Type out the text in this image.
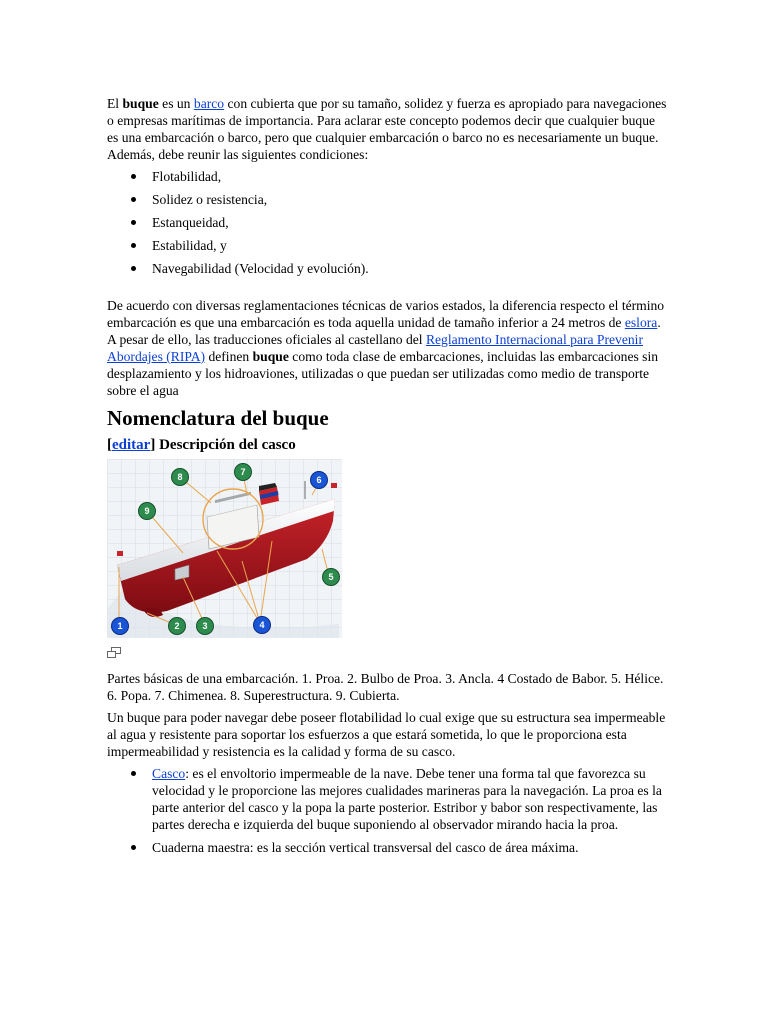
El buque es un barco con cubierta que por su tamaño, solidez y fuerza es apropiado para navegaciones o empresas marítimas de importancia. Para aclarar este concepto podemos decir que cualquier buque es una embarcación o barco, pero que cualquier embarcación o barco no es necesariamente un buque. Además, debe reunir las siguientes condiciones:

Flotabilidad,
Solidez o resistencia,
Estanqueidad,
Estabilidad, y
Navegabilidad (Velocidad y evolución).

De acuerdo con diversas reglamentaciones técnicas de varios estados, la diferencia respecto el término embarcación es que una embarcación es toda aquella unidad de tamaño inferior a 24 metros de eslora. A pesar de ello, las traducciones oficiales al castellano del Reglamento Internacional para Prevenir Abordajes (RIPA) definen buque como toda clase de embarcaciones, incluidas las embarcaciones sin desplazamiento y los hidroaviones, utilizadas o que puedan ser utilizadas como medio de transporte sobre el agua

Nomenclatura del buque
[editar] Descripción del casco
1	2	3	4
5
6
7
8
9

Partes básicas de una embarcación. 1. Proa. 2. Bulbo de Proa. 3. Ancla. 4 Costado de Babor. 5. Hélice. 6. Popa. 7. Chimenea. 8. Superestructura. 9. Cubierta.

Un buque para poder navegar debe poseer flotabilidad lo cual exige que su estructura sea impermeable al agua y resistente para soportar los esfuerzos a que estará sometida, lo que le proporciona esta impermeabilidad y resistencia es la calidad y forma de su casco.

Casco: es el envoltorio impermeable de la nave. Debe tener una forma tal que favorezca su velocidad y le proporcione las mejores cualidades marineras para la navegación. La proa es la parte anterior del casco y la popa la parte posterior. Estribor y babor son respectivamente, las partes derecha e izquierda del buque suponiendo al observador mirando hacia la proa.
Cuaderna maestra: es la sección vertical transversal del casco de área máxima.
